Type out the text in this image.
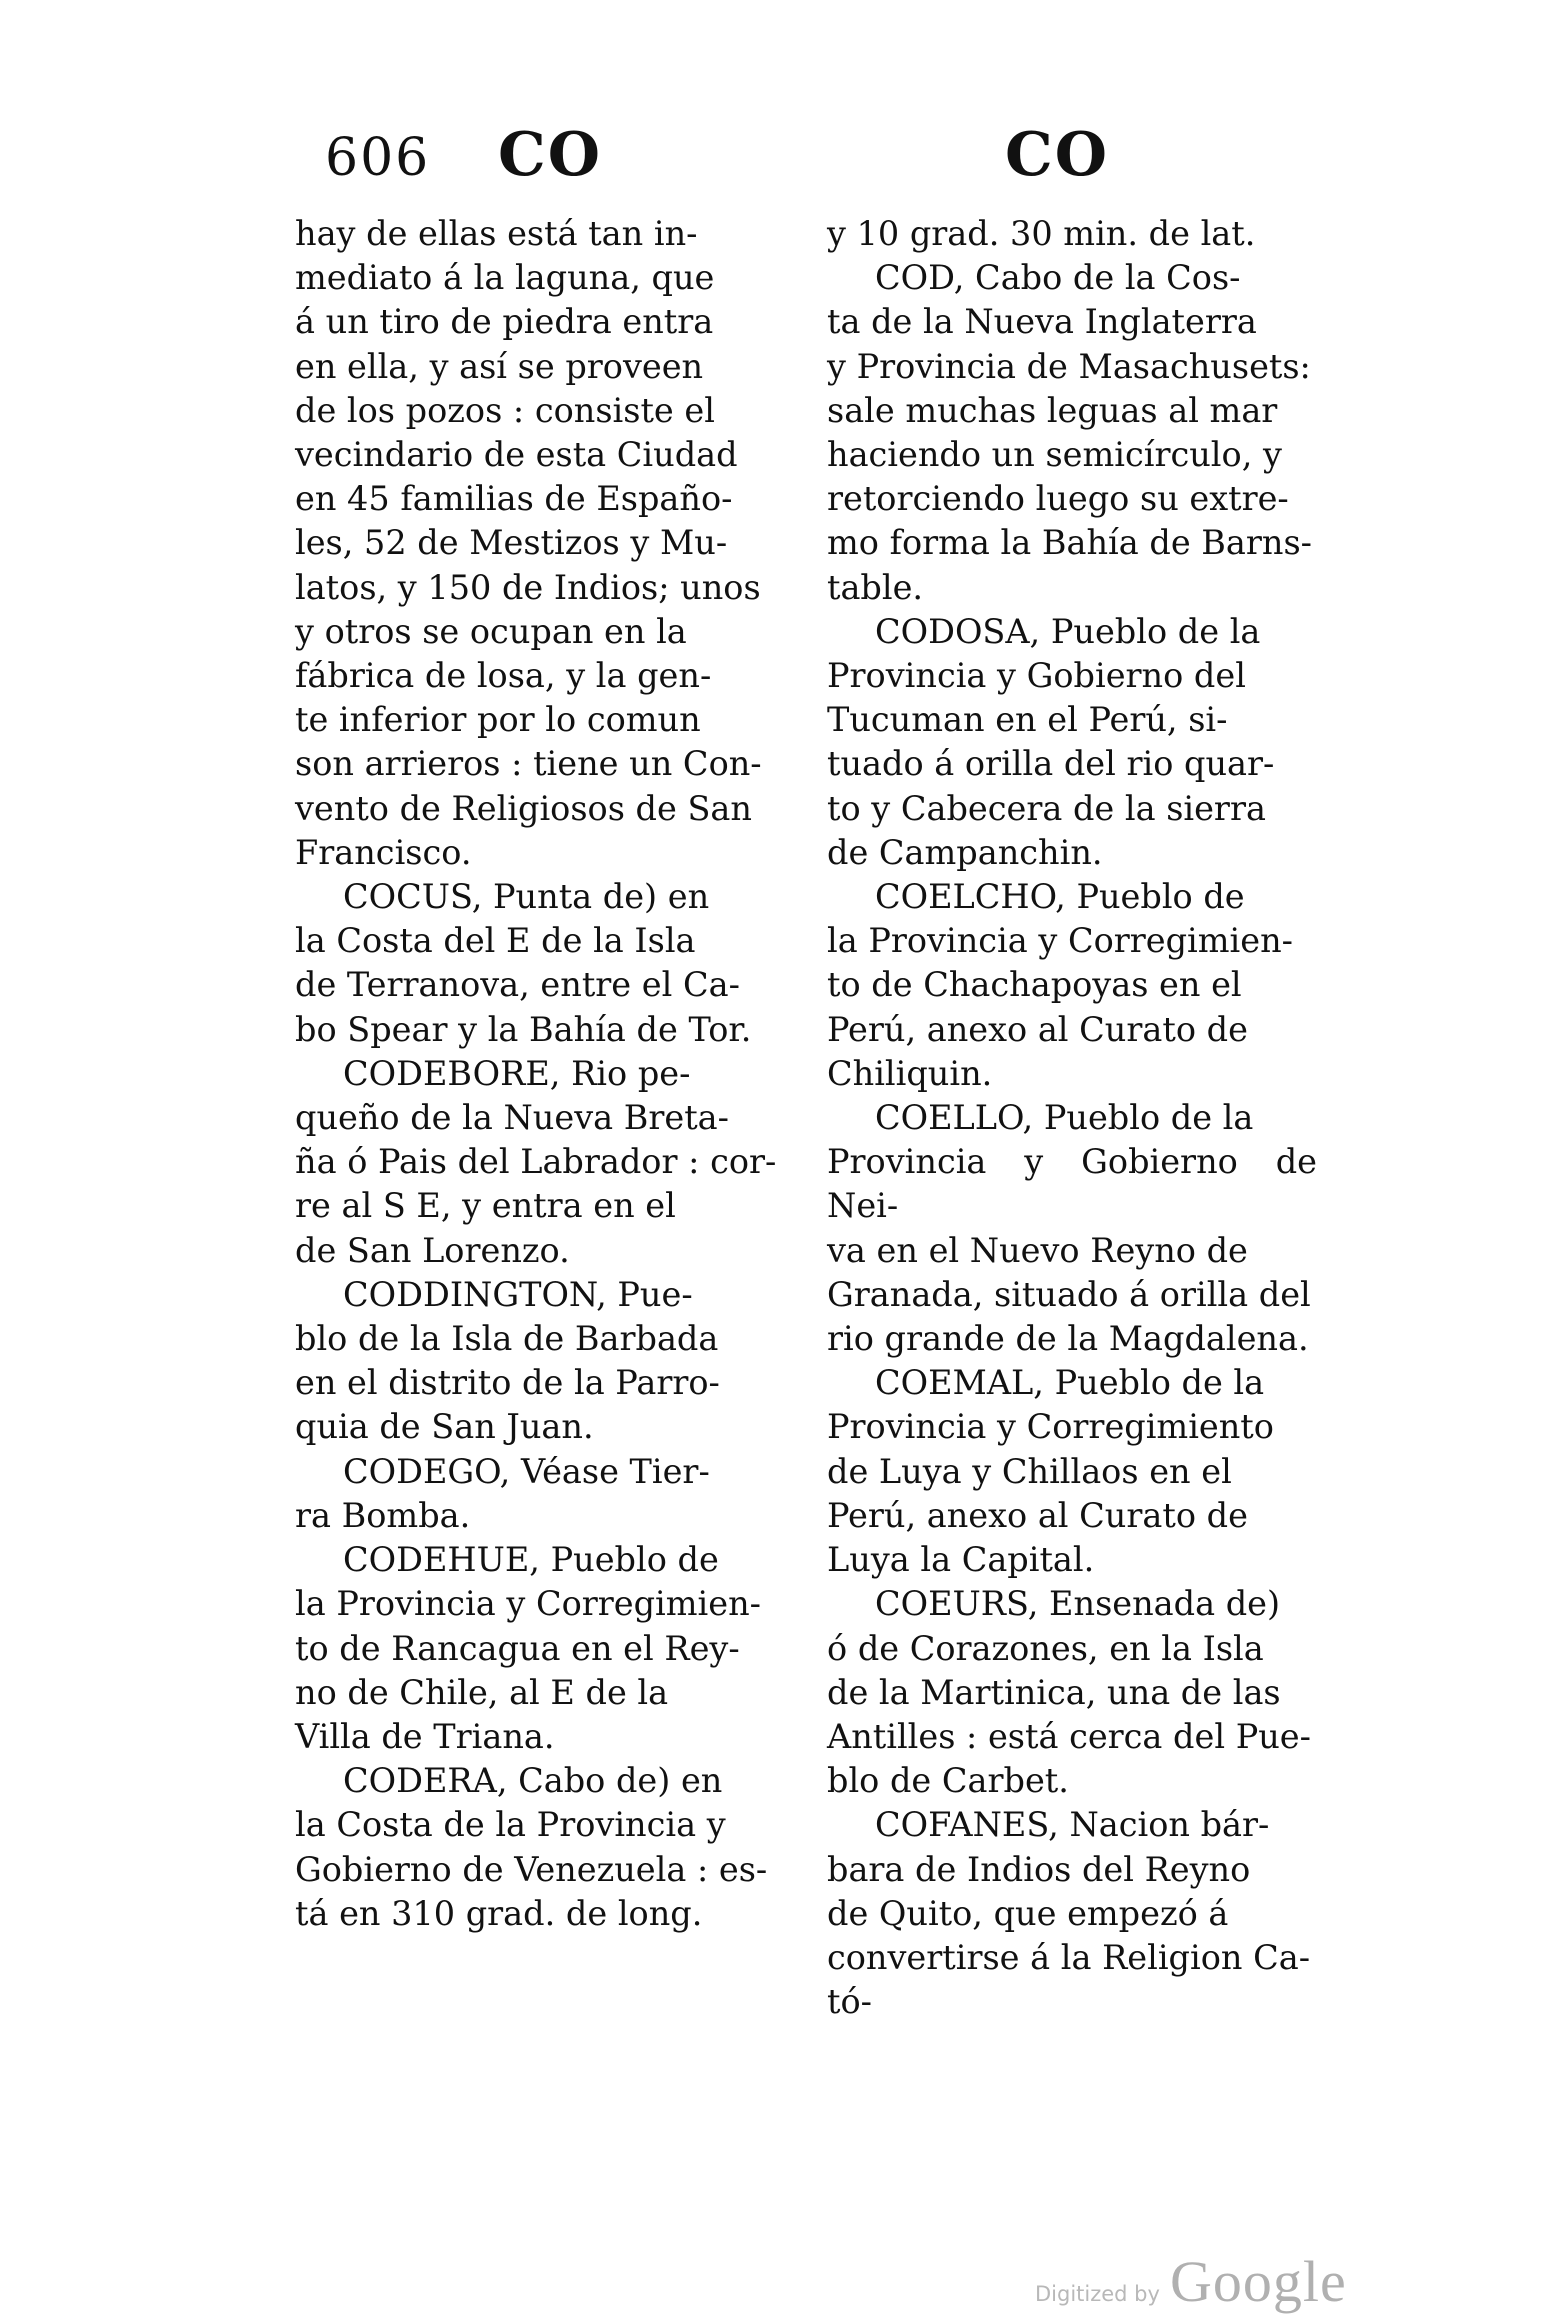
606 CO	CO

hay de ellas está tan in-
mediato á la laguna, que
á un tiro de piedra entra
en ella, y así se proveen
de los pozos : consiste el
vecindario de esta Ciudad
en 45 familias de Españo-
les, 52 de Mestizos y Mu-
latos, y 150 de Indios; unos
y otros se ocupan en la
fábrica de losa, y la gen-
te inferior por lo comun
son arrieros : tiene un Con-
vento de Religiosos de San
Francisco.

COCUS, Punta de) en
la Costa del E de la Isla
de Terranova, entre el Ca-
bo Spear y la Bahía de Tor.

CODEBORE, Rio pe-
queño de la Nueva Breta-
ña ó Pais del Labrador : cor-
re al S E, y entra en el
de San Lorenzo.

CODDINGTON, Pue-
blo de la Isla de Barbada
en el distrito de la Parro-
quia de San Juan.

CODEGO, Véase Tier-
ra Bomba.

CODEHUE, Pueblo de
la Provincia y Corregimien-
to de Rancagua en el Rey-
no de Chile, al E de la
Villa de Triana.

CODERA, Cabo de) en
la Costa de la Provincia y
Gobierno de Venezuela : es-
tá en 310 grad. de long.

y 10 grad. 30 min. de lat.

COD, Cabo de la Cos-
ta de la Nueva Inglaterra
y Provincia de Masachusets:
sale muchas leguas al mar
haciendo un semicírculo, y
retorciendo luego su extre-
mo forma la Bahía de Barns-
table.

CODOSA, Pueblo de la
Provincia y Gobierno del
Tucuman en el Perú, si-
tuado á orilla del rio quar-
to y Cabecera de la sierra
de Campanchin.

COELCHO, Pueblo de
la Provincia y Corregimien-
to de Chachapoyas en el
Perú, anexo al Curato de
Chiliquin.

COELLO, Pueblo de la
Provincia y Gobierno de Nei-
va en el Nuevo Reyno de
Granada, situado á orilla del
rio grande de la Magdalena.

COEMAL, Pueblo de la
Provincia y Corregimiento
de Luya y Chillaos en el
Perú, anexo al Curato de
Luya la Capital.

COEURS, Ensenada de)
ó de Corazones, en la Isla
de la Martinica, una de las
Antilles : está cerca del Pue-
blo de Carbet.

COFANES, Nacion bár-
bara de Indios del Reyno
de Quito, que empezó á
convertirse á la Religion Ca-

tó-

Digitized by Google
